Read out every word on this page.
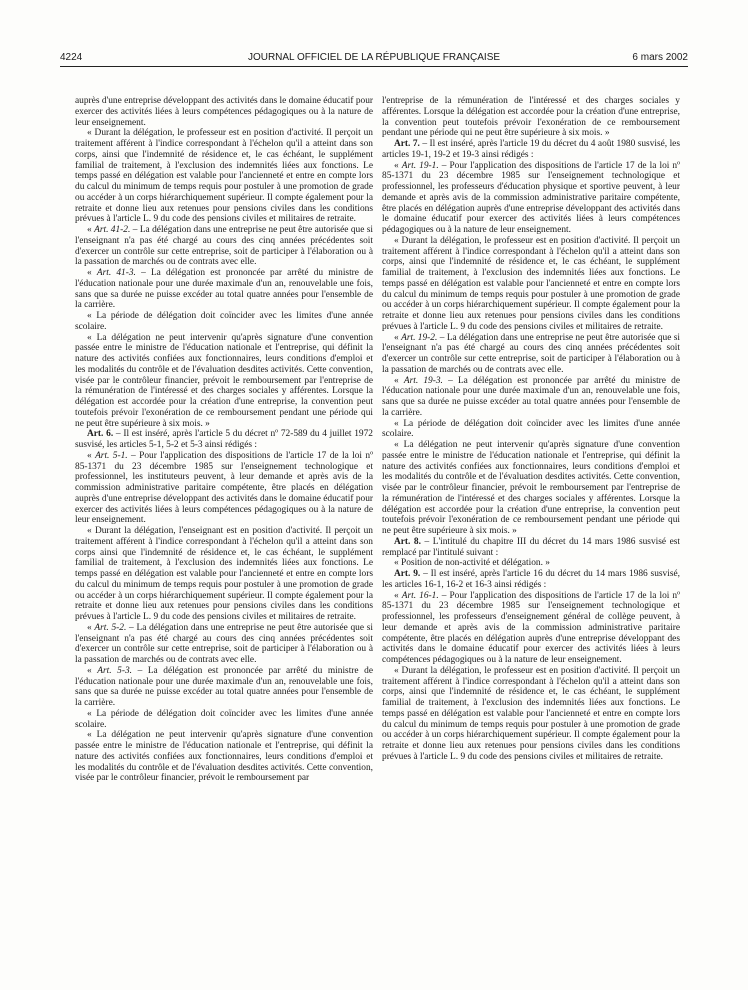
4224	JOURNAL OFFICIEL DE LA RÉPUBLIQUE FRANÇAISE	6 mars 2002

auprès d'une entreprise développant des activités dans le domaine éducatif pour exercer des activités liées à leurs compétences pédagogiques ou à la nature de leur enseignement.

« Durant la délégation, le professeur est en position d'activité. Il perçoit un traitement afférent à l'indice correspondant à l'échelon qu'il a atteint dans son corps, ainsi que l'indemnité de résidence et, le cas échéant, le supplément familial de traitement, à l'exclusion des indemnités liées aux fonctions. Le temps passé en délégation est valable pour l'ancienneté et entre en compte lors du calcul du minimum de temps requis pour postuler à une promotion de grade ou accéder à un corps hiérarchiquement supérieur. Il compte également pour la retraite et donne lieu aux retenues pour pensions civiles dans les conditions prévues à l'article L. 9 du code des pensions civiles et militaires de retraite.

« Art. 41-2. – La délégation dans une entreprise ne peut être autorisée que si l'enseignant n'a pas été chargé au cours des cinq années précédentes soit d'exercer un contrôle sur cette entreprise, soit de participer à l'élaboration ou à la passation de marchés ou de contrats avec elle.

« Art. 41-3. – La délégation est prononcée par arrêté du ministre de l'éducation nationale pour une durée maximale d'un an, renouvelable une fois, sans que sa durée ne puisse excéder au total quatre années pour l'ensemble de la carrière.

« La période de délégation doit coïncider avec les limites d'une année scolaire.

« La délégation ne peut intervenir qu'après signature d'une convention passée entre le ministre de l'éducation nationale et l'entreprise, qui définit la nature des activités confiées aux fonctionnaires, leurs conditions d'emploi et les modalités du contrôle et de l'évaluation desdites activités. Cette convention, visée par le contrôleur financier, prévoit le remboursement par l'entreprise de la rémunération de l'intéressé et des charges sociales y afférentes. Lorsque la délégation est accordée pour la création d'une entreprise, la convention peut toutefois prévoir l'exonération de ce remboursement pendant une période qui ne peut être supérieure à six mois. »

Art. 6. – Il est inséré, après l'article 5 du décret nº 72-589 du 4 juillet 1972 susvisé, les articles 5-1, 5-2 et 5-3 ainsi rédigés :

« Art. 5-1. – Pour l'application des dispositions de l'article 17 de la loi nº 85-1371 du 23 décembre 1985 sur l'enseignement technologique et professionnel, les instituteurs peuvent, à leur demande et après avis de la commission administrative paritaire compétente, être placés en délégation auprès d'une entreprise développant des activités dans le domaine éducatif pour exercer des activités liées à leurs compétences pédagogiques ou à la nature de leur enseignement.

« Durant la délégation, l'enseignant est en position d'activité. Il perçoit un traitement afférent à l'indice correspondant à l'échelon qu'il a atteint dans son corps ainsi que l'indemnité de résidence et, le cas échéant, le supplément familial de traitement, à l'exclusion des indemnités liées aux fonctions. Le temps passé en délégation est valable pour l'ancienneté et entre en compte lors du calcul du minimum de temps requis pour postuler à une promotion de grade ou accéder à un corps hiérarchiquement supérieur. Il compte également pour la retraite et donne lieu aux retenues pour pensions civiles dans les conditions prévues à l'article L. 9 du code des pensions civiles et militaires de retraite.

« Art. 5-2. – La délégation dans une entreprise ne peut être autorisée que si l'enseignant n'a pas été chargé au cours des cinq années précédentes soit d'exercer un contrôle sur cette entreprise, soit de participer à l'élaboration ou à la passation de marchés ou de contrats avec elle.

« Art. 5-3. – La délégation est prononcée par arrêté du ministre de l'éducation nationale pour une durée maximale d'un an, renouvelable une fois, sans que sa durée ne puisse excéder au total quatre années pour l'ensemble de la carrière.

« La période de délégation doit coïncider avec les limites d'une année scolaire.

« La délégation ne peut intervenir qu'après signature d'une convention passée entre le ministre de l'éducation nationale et l'entreprise, qui définit la nature des activités confiées aux fonctionnaires, leurs conditions d'emploi et les modalités du contrôle et de l'évaluation desdites activités. Cette convention, visée par le contrôleur financier, prévoit le remboursement par

l'entreprise de la rémunération de l'intéressé et des charges sociales y afférentes. Lorsque la délégation est accordée pour la création d'une entreprise, la convention peut toutefois prévoir l'exonération de ce remboursement pendant une période qui ne peut être supérieure à six mois. »

Art. 7. – Il est inséré, après l'article 19 du décret du 4 août 1980 susvisé, les articles 19-1, 19-2 et 19-3 ainsi rédigés :

« Art. 19-1. – Pour l'application des dispositions de l'article 17 de la loi nº 85-1371 du 23 décembre 1985 sur l'enseignement technologique et professionnel, les professeurs d'éducation physique et sportive peuvent, à leur demande et après avis de la commission administrative paritaire compétente, être placés en délégation auprès d'une entreprise développant des activités dans le domaine éducatif pour exercer des activités liées à leurs compétences pédagogiques ou à la nature de leur enseignement.

« Durant la délégation, le professeur est en position d'activité. Il perçoit un traitement afférent à l'indice correspondant à l'échelon qu'il a atteint dans son corps, ainsi que l'indemnité de résidence et, le cas échéant, le supplément familial de traitement, à l'exclusion des indemnités liées aux fonctions. Le temps passé en délégation est valable pour l'ancienneté et entre en compte lors du calcul du minimum de temps requis pour postuler à une promotion de grade ou accéder à un corps hiérarchiquement supérieur. Il compte également pour la retraite et donne lieu aux retenues pour pensions civiles dans les conditions prévues à l'article L. 9 du code des pensions civiles et militaires de retraite.

« Art. 19-2. – La délégation dans une entreprise ne peut être autorisée que si l'enseignant n'a pas été chargé au cours des cinq années précédentes soit d'exercer un contrôle sur cette entreprise, soit de participer à l'élaboration ou à la passation de marchés ou de contrats avec elle.

« Art. 19-3. – La délégation est prononcée par arrêté du ministre de l'éducation nationale pour une durée maximale d'un an, renouvelable une fois, sans que sa durée ne puisse excéder au total quatre années pour l'ensemble de la carrière.

« La période de délégation doit coïncider avec les limites d'une année scolaire.

« La délégation ne peut intervenir qu'après signature d'une convention passée entre le ministre de l'éducation nationale et l'entreprise, qui définit la nature des activités confiées aux fonctionnaires, leurs conditions d'emploi et les modalités du contrôle et de l'évaluation desdites activités. Cette convention, visée par le contrôleur financier, prévoit le remboursement par l'entreprise de la rémunération de l'intéressé et des charges sociales y afférentes. Lorsque la délégation est accordée pour la création d'une entreprise, la convention peut toutefois prévoir l'exonération de ce remboursement pendant une période qui ne peut être supérieure à six mois. »

Art. 8. – L'intitulé du chapitre III du décret du 14 mars 1986 susvisé est remplacé par l'intitulé suivant :

« Position de non-activité et délégation. »

Art. 9. – Il est inséré, après l'article 16 du décret du 14 mars 1986 susvisé, les articles 16-1, 16-2 et 16-3 ainsi rédigés :

« Art. 16-1. – Pour l'application des dispositions de l'article 17 de la loi nº 85-1371 du 23 décembre 1985 sur l'enseignement technologique et professionnel, les professeurs d'enseignement général de collège peuvent, à leur demande et après avis de la commission administrative paritaire compétente, être placés en délégation auprès d'une entreprise développant des activités dans le domaine éducatif pour exercer des activités liées à leurs compétences pédagogiques ou à la nature de leur enseignement.

« Durant la délégation, le professeur est en position d'activité. Il perçoit un traitement afférent à l'indice correspondant à l'échelon qu'il a atteint dans son corps, ainsi que l'indemnité de résidence et, le cas échéant, le supplément familial de traitement, à l'exclusion des indemnités liées aux fonctions. Le temps passé en délégation est valable pour l'ancienneté et entre en compte lors du calcul du minimum de temps requis pour postuler à une promotion de grade ou accéder à un corps hiérarchiquement supérieur. Il compte également pour la retraite et donne lieu aux retenues pour pensions civiles dans les conditions prévues à l'article L. 9 du code des pensions civiles et militaires de retraite.
